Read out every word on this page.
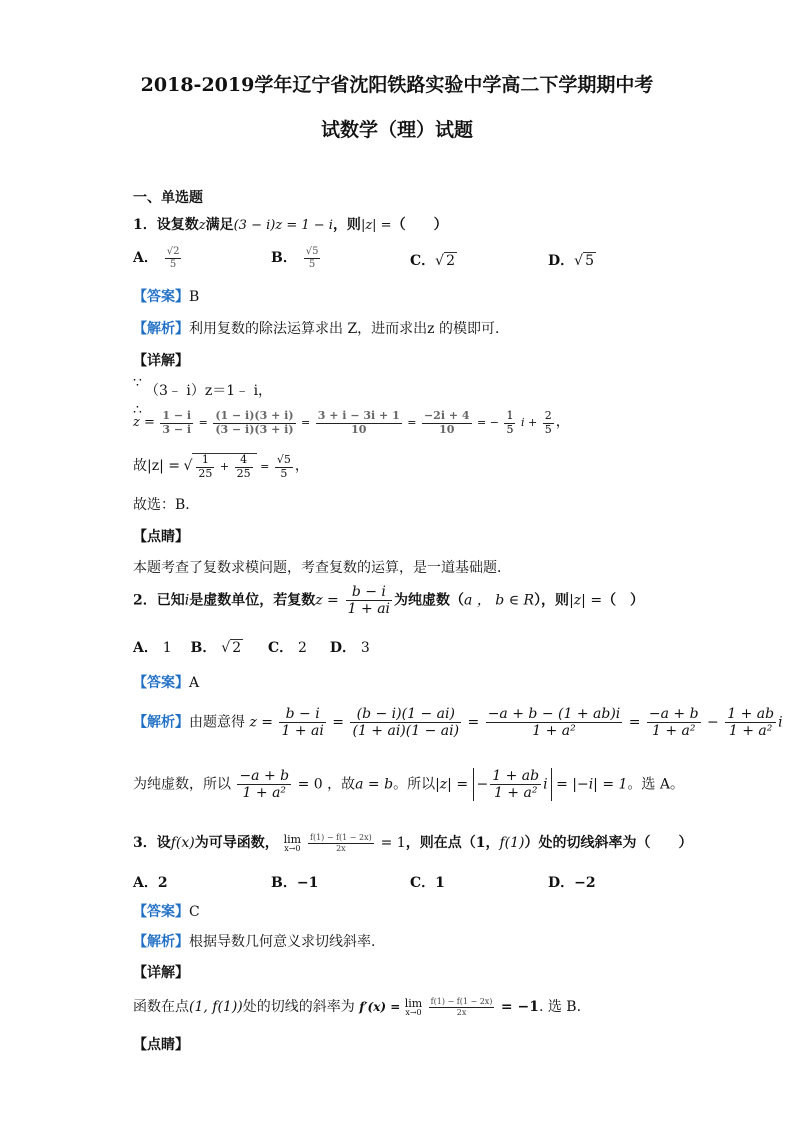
2018-2019学年辽宁省沈阳铁路实验中学高二下学期期中考
试数学（理）试题
一、单选题
1．设复数z满足(3 − i)z = 1 − i，则|z| =（　　）
A． $\frac{√2}{5}$	B． $\frac{√5}{5}$	C．√ 2	D．√ 5
【答案】B
【解析】利用复数的除法运算求出 Z，进而求出z 的模即可．
【详解】
∵ （3﹣ i）z＝1﹣ i，
∴
$z = \frac{1 - i}{3 - i} = \frac{(1 - i)(3 + i)}{(3 - i)(3 + i)} = \frac{3 + i - 3i + 1}{10} = \frac{-2i + 4}{10}$ = − $\frac{1}{5}$ $i + \frac{2}{5}$ ，
故|z| = √ $\frac{1}{25} + \frac{4}{25} = \frac{√5}{5}$ ，
故选：B．
【点睛】
本题考查了复数求模问题，考查复数的运算，是一道基础题．
2．已知i是虚数单位，若复数$z = \frac{b - i}{1 + ai}$ 为纯虚数（a ， b ∈ R），则|z| =（　）
A． 1 B． √ 2 C． 2 D． 3
【答案】A
【解析】由题意得 $z = \frac{b - i}{1 + ai} = \frac{(b - i)(1 - ai)}{(1 + ai)(1 - ai)} = \frac{-a + b - (1 + ab)i}{\text{1 + a²}} = \frac{-a + b}{\text{1 + a²}} - \frac{1 + ab}{\text{1 + a²}}$ i
为纯虚数，所以 $\frac{-a + b}{\text{1 + a²}} = 0$ ，故a = b。所以|z| = − $\frac{1 + ab}{\text{1 + a²}}$ i = |−i| = 1。选 A。
3．设f(x)为可导函数， lim
x→0
$\frac{f(1) - f(1 - 2x)}{2x} = 1$，则在点（1，f(1)）处的切线斜率为（　　）
A．2	B．−1	C．1	D．−2
【答案】C
【解析】根据导数几何意义求切线斜率.
【详解】
函数在点(1, f(1))处的切线的斜率为 f′(x) = lim
x→0
$\frac{f(1) - f(1 - 2x)}{2x} = -1$. 选 B.
【点睛】
